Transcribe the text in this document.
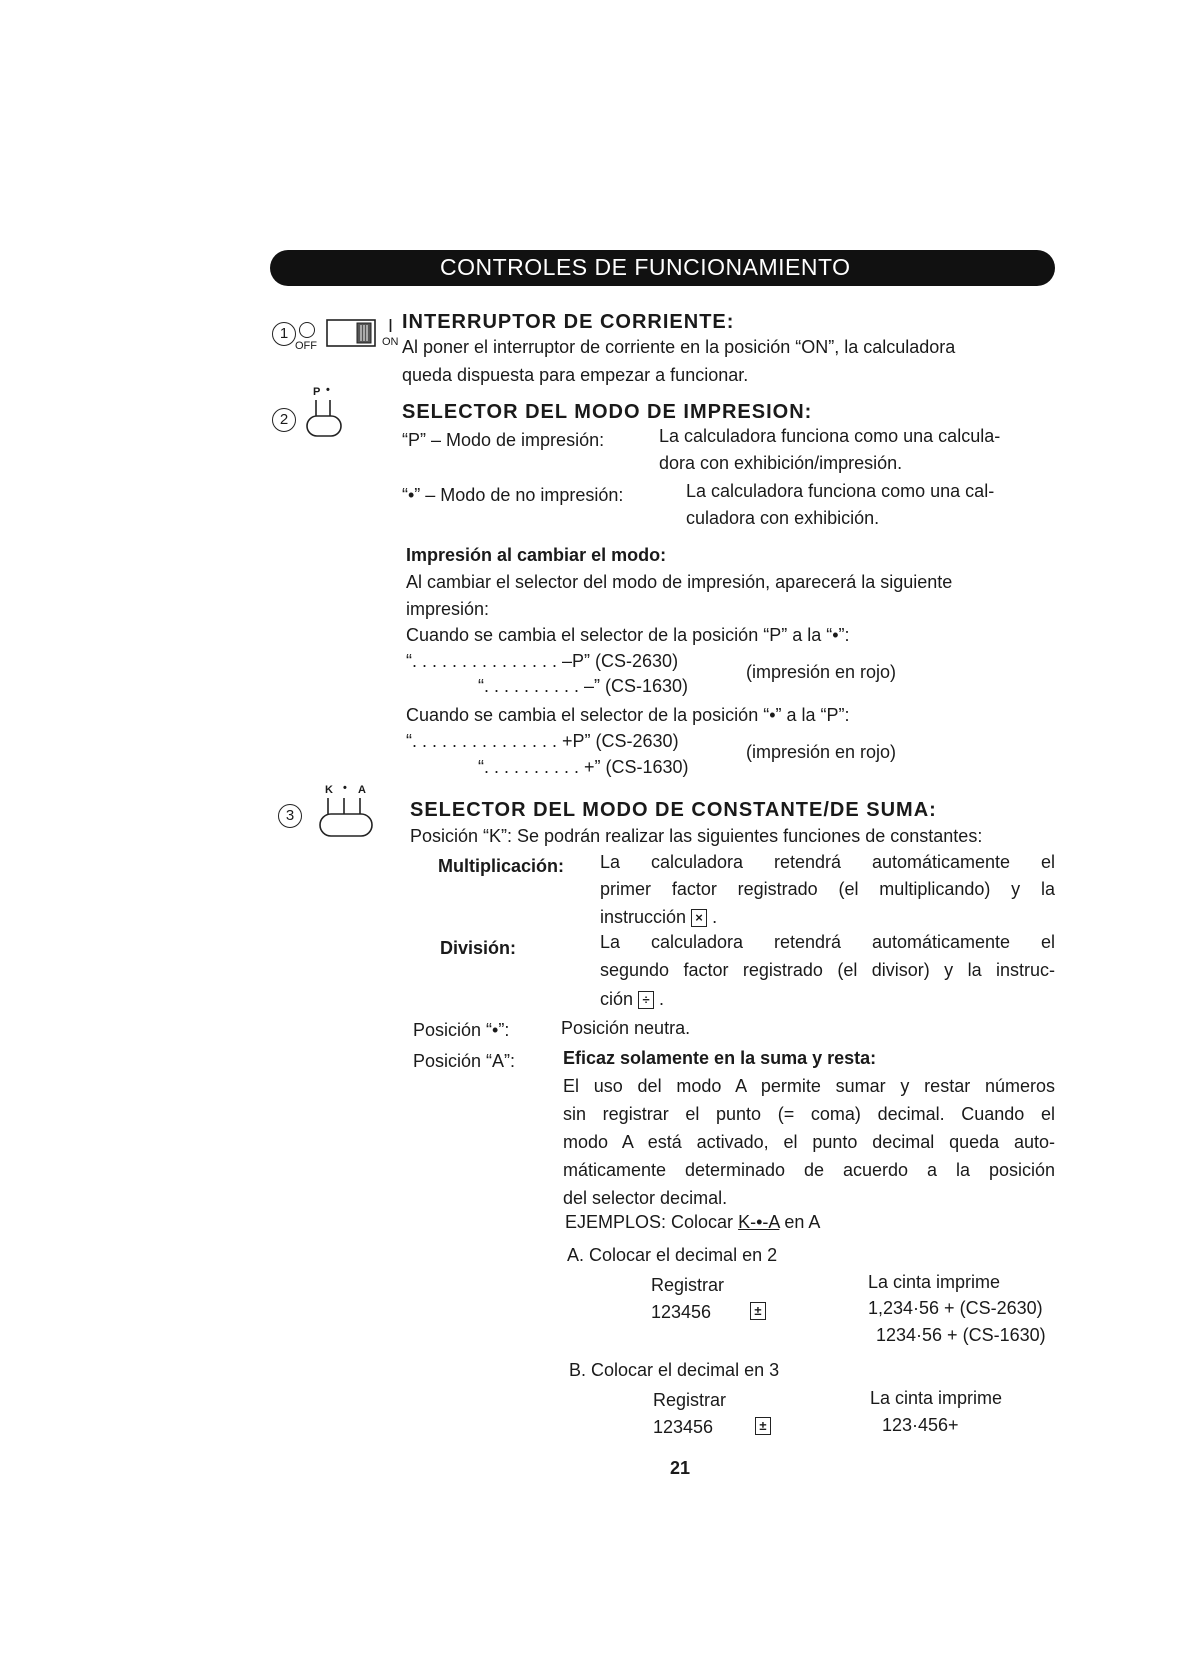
CONTROLES DE FUNCIONAMIENTO
1
OFF	ON
I INTERRUPTOR DE CORRIENTE:
Al poner el interruptor de corriente en la posición “ON”, la calculadora
queda dispuesta para empezar a funcionar.
2
P •
SELECTOR DEL MODO DE IMPRESION:
“P” – Modo de impresión:	La calculadora funciona como una calcula-
dora con exhibición/impresión.
“•” – Modo de no impresión:	La calculadora funciona como una cal-
culadora con exhibición.
Impresión al cambiar el modo:
Al cambiar el selector del modo de impresión, aparecerá la siguiente
impresión:
Cuando se cambia el selector de la posición “P” a la “•”:
“. . . . . . . . . . . . . . . –P” (CS-2630)
“. . . . . . . . . . –” (CS-1630)
(impresión en rojo)
Cuando se cambia el selector de la posición “•” a la “P”:
“. . . . . . . . . . . . . . . +P” (CS-2630)
“. . . . . . . . . . +” (CS-1630)
(impresión en rojo)
3
K • A
SELECTOR DEL MODO DE CONSTANTE/DE SUMA:
Posición “K”: Se podrán realizar las siguientes funciones de constantes:
Multiplicación: La calculadora retendrá automáticamente el
primer factor registrado (el multiplicando) y la
instrucción × .
División:	La calculadora retendrá automáticamente el
segundo factor registrado (el divisor) y la instruc-
ción ÷ .
Posición “•”:	Posición neutra.
Posición “A”:	Eficaz solamente en la suma y resta:
El uso del modo A permite sumar y restar números
sin registrar el punto (= coma) decimal. Cuando el
modo A está activado, el punto decimal queda auto-
máticamente determinado de acuerdo a la posición
del selector decimal.
EJEMPLOS: Colocar K-•-A en A
A. Colocar el decimal en 2
Registrar
123456	±
La cinta imprime
1,234·56 + (CS-2630)
1234·56 + (CS-1630)
B. Colocar el decimal en 3
Registrar
123456	±
La cinta imprime
123·456+
21
